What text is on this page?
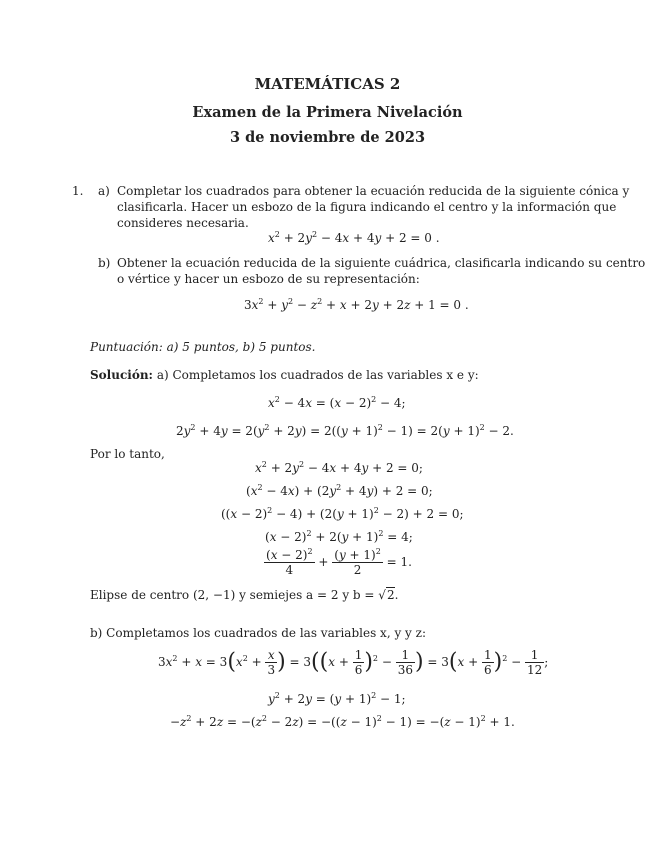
MATEMÁTICAS 2
Examen de la Primera Nivelación
3 de noviembre de 2023
1. a) Completar los cuadrados para obtener la ecuación reducida de la siguiente cónica y
clasificarla. Hacer un esbozo de la figura indicando el centro y la información que
consideres necesaria.
$x^2 + 2y^2 - 4x + 4y + 2 = 0$ .
b) Obtener la ecuación reducida de la siguiente cuádrica, clasificarla indicando su centro
o vértice y hacer un esbozo de su representación:
$3x^2 + y^2 - z^2 + x + 2y + 2z + 1 = 0$ .
Puntuación: a) 5 puntos, b) 5 puntos.
Solución: a) Completamos los cuadrados de las variables x e y:
$x^2 - 4x = (x - 2)^2 - 4$;
$2y^2 + 4y = 2(y^2 + 2y) = 2((y + 1)^2 - 1) = 2(y + 1)^2 - 2$.
Por lo tanto,
$x^2 + 2y^2 - 4x + 4y + 2 = 0$;
$(x^2 - 4x) + (2y^2 + 4y) + 2 = 0$;
$((x - 2)^2 - 4) + (2(y + 1)^2 - 2) + 2 = 0$;
$(x - 2)^2 + 2(y + 1)^2 = 4$;
$\frac{(x - 2)^2}{4} + \frac{(y + 1)^2}{2} = 1$.
Elipse de centro (2, −1) y semiejes a = 2 y b = √2.
b) Completamos los cuadrados de las variables x, y y z:
$3x^2 + x = 3(x^2 + \frac{x}{3}$ ) = $3((x + \frac{1}{6} )^2 - \frac{1}{36}$ ) = $3(x + \frac{1}{6} )^2 - \frac{1}{12}$ ;
$y^2 + 2y = (y + 1)^2 - 1$;
$-z^2 + 2z = -(z^2 - 2z) = -((z - 1)^2 - 1) = -(z - 1)^2 + 1$.
